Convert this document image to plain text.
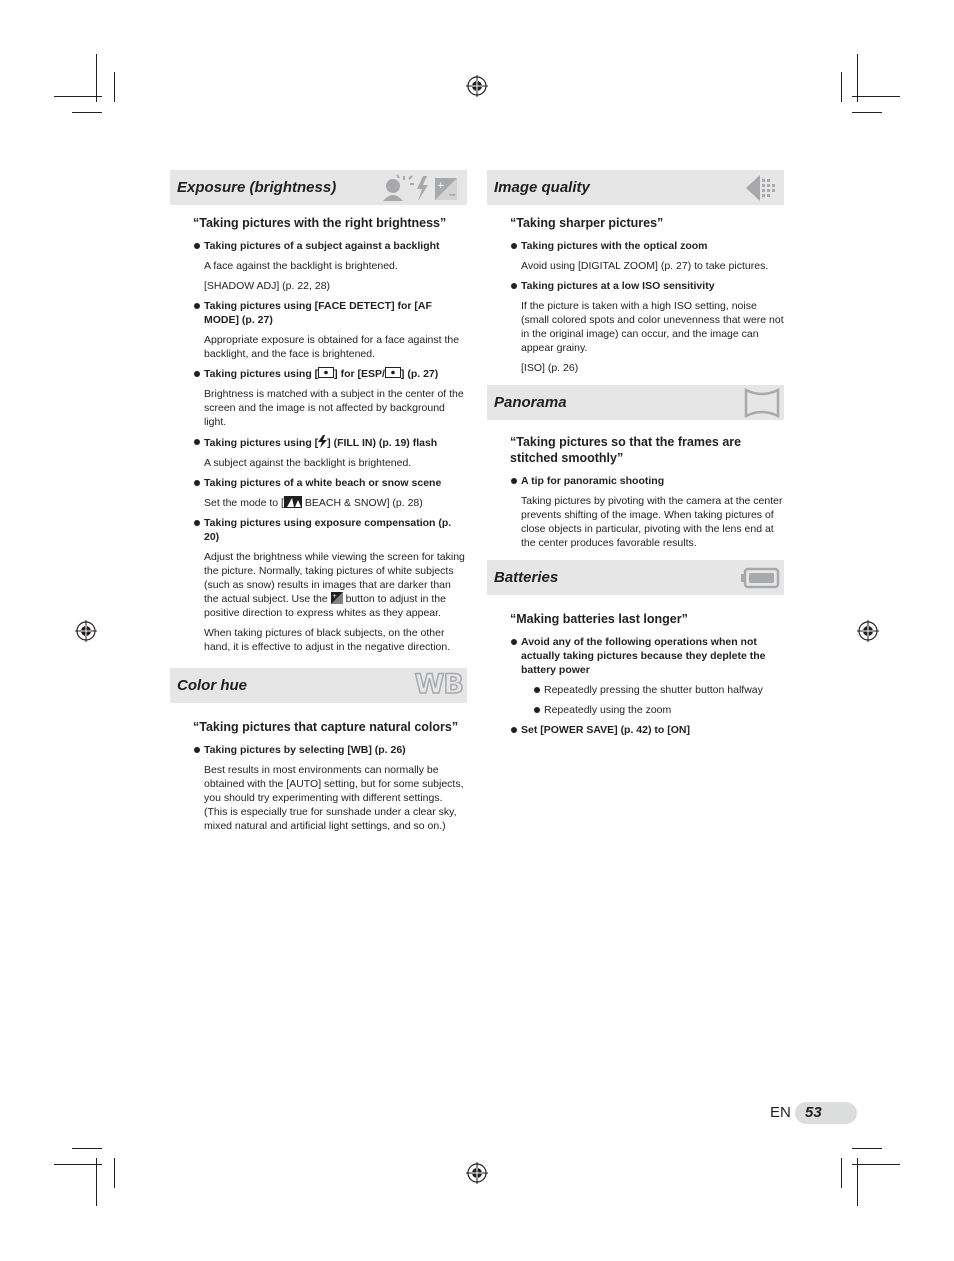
Exposure (brightness)	+
−
“Taking pictures with the right brightness”
Taking pictures of a subject against a backlight
A face against the backlight is brightened.
[SHADOW ADJ] (p. 22, 28)
Taking pictures using [FACE DETECT] for [AF MODE] (p. 27)
Appropriate exposure is obtained for a face against the backlight, and the face is brightened.
Taking pictures using [ ] for [ESP/ ] (p. 27)
Brightness is matched with a subject in the center of the screen and the image is not affected by background light.
Taking pictures using [ ] (FILL IN) (p. 19) flash
A subject against the backlight is brightened.
Taking pictures of a white beach or snow scene
Set the mode to [ BEACH & SNOW] (p. 28)
Taking pictures using exposure compensation (p. 20)
Adjust the brightness while viewing the screen for taking the picture. Normally, taking pictures of white subjects (such as snow) results in images that are darker than the actual subject. Use the + button to adjust in the positive direction to express whites as they appear.
When taking pictures of black subjects, on the other hand, it is effective to adjust in the negative direction.
Color hue	WB
“Taking pictures that capture natural colors”
Taking pictures by selecting [WB] (p. 26)
Best results in most environments can normally be obtained with the [AUTO] setting, but for some subjects, you should try experimenting with different settings. (This is especially true for sunshade under a clear sky, mixed natural and artificial light settings, and so on.)
Image quality
“Taking sharper pictures”
Taking pictures with the optical zoom
Avoid using [DIGITAL ZOOM] (p. 27) to take pictures.
Taking pictures at a low ISO sensitivity
If the picture is taken with a high ISO setting, noise (small colored spots and color unevenness that were not in the original image) can occur, and the image can appear grainy.
[ISO] (p. 26)
Panorama
“Taking pictures so that the frames are stitched smoothly”
A tip for panoramic shooting
Taking pictures by pivoting with the camera at the center prevents shifting of the image. When taking pictures of close objects in particular, pivoting with the lens end at the center produces favorable results.
Batteries
“Making batteries last longer”
Avoid any of the following operations when not actually taking pictures because they deplete the battery power
Repeatedly pressing the shutter button halfway
Repeatedly using the zoom
Set [POWER SAVE] (p. 42) to [ON]
EN 53
